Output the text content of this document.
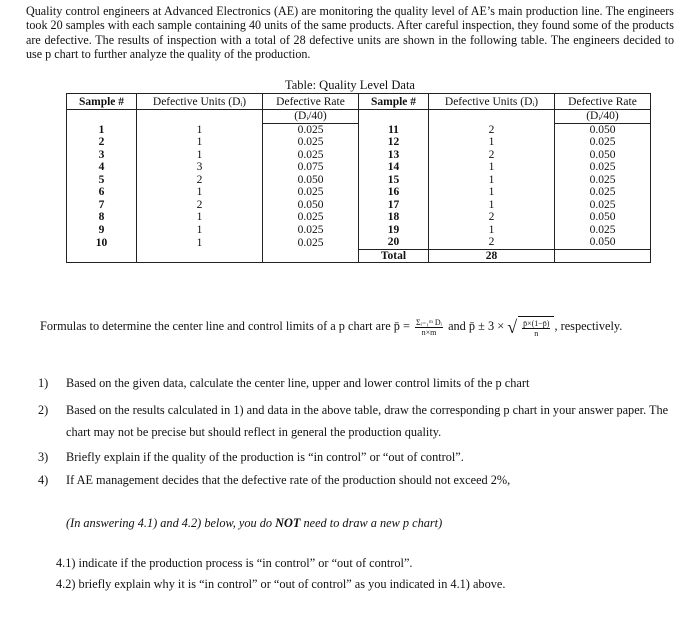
Quality control engineers at Advanced Electronics (AE) are monitoring the quality level of AE’s main production line. The engineers took 20 samples with each sample containing 40 units of the same products. After careful inspection, they found some of the products are defective. The results of inspection with a total of 28 defective units are shown in the following table. The engineers decided to use p chart to further analyze the quality of the production.

Table: Quality Level Data
Sample #	Defective Units (Dᵢ)	Defective Rate	Sample #	Defective Units (Dᵢ)	Defective Rate
		(Dᵢ/40)			(Dᵢ/40)
1	1	0.025	11	2	0.050
2	1	0.025	12	1	0.025
3	1	0.025	13	2	0.050
4	3	0.075	14	1	0.025
5	2	0.050	15	1	0.025
6	1	0.025	16	1	0.025
7	2	0.050	17	1	0.025
8	1	0.025	18	2	0.050
9	1	0.025	19	1	0.025
10	1	0.025	20	2	0.050
			Total	28	
Formulas to determine the center line and control limits of a p chart are p̄ = $\frac{\text{Σᵢ₌₁ᵐ Dᵢ}}{n\times m}$ and p̄ ± 3 × √ $\frac{p̄\times(1-p̄)}{n}$ , respectively.
1) Based on the given data, calculate the center line, upper and lower control limits of the p chart
2) Based on the results calculated in 1) and data in the above table, draw the corresponding p chart in your answer paper. The chart may not be precise but should reflect in general the production quality.
3) Briefly explain if the quality of the production is “in control” or “out of control”.
4) If AE management decides that the defective rate of the production should not exceed 2%,
(In answering 4.1) and 4.2) below, you do NOT need to draw a new p chart)
4.1) indicate if the production process is “in control” or “out of control”.
4.2) briefly explain why it is “in control” or “out of control” as you indicated in 4.1) above.
